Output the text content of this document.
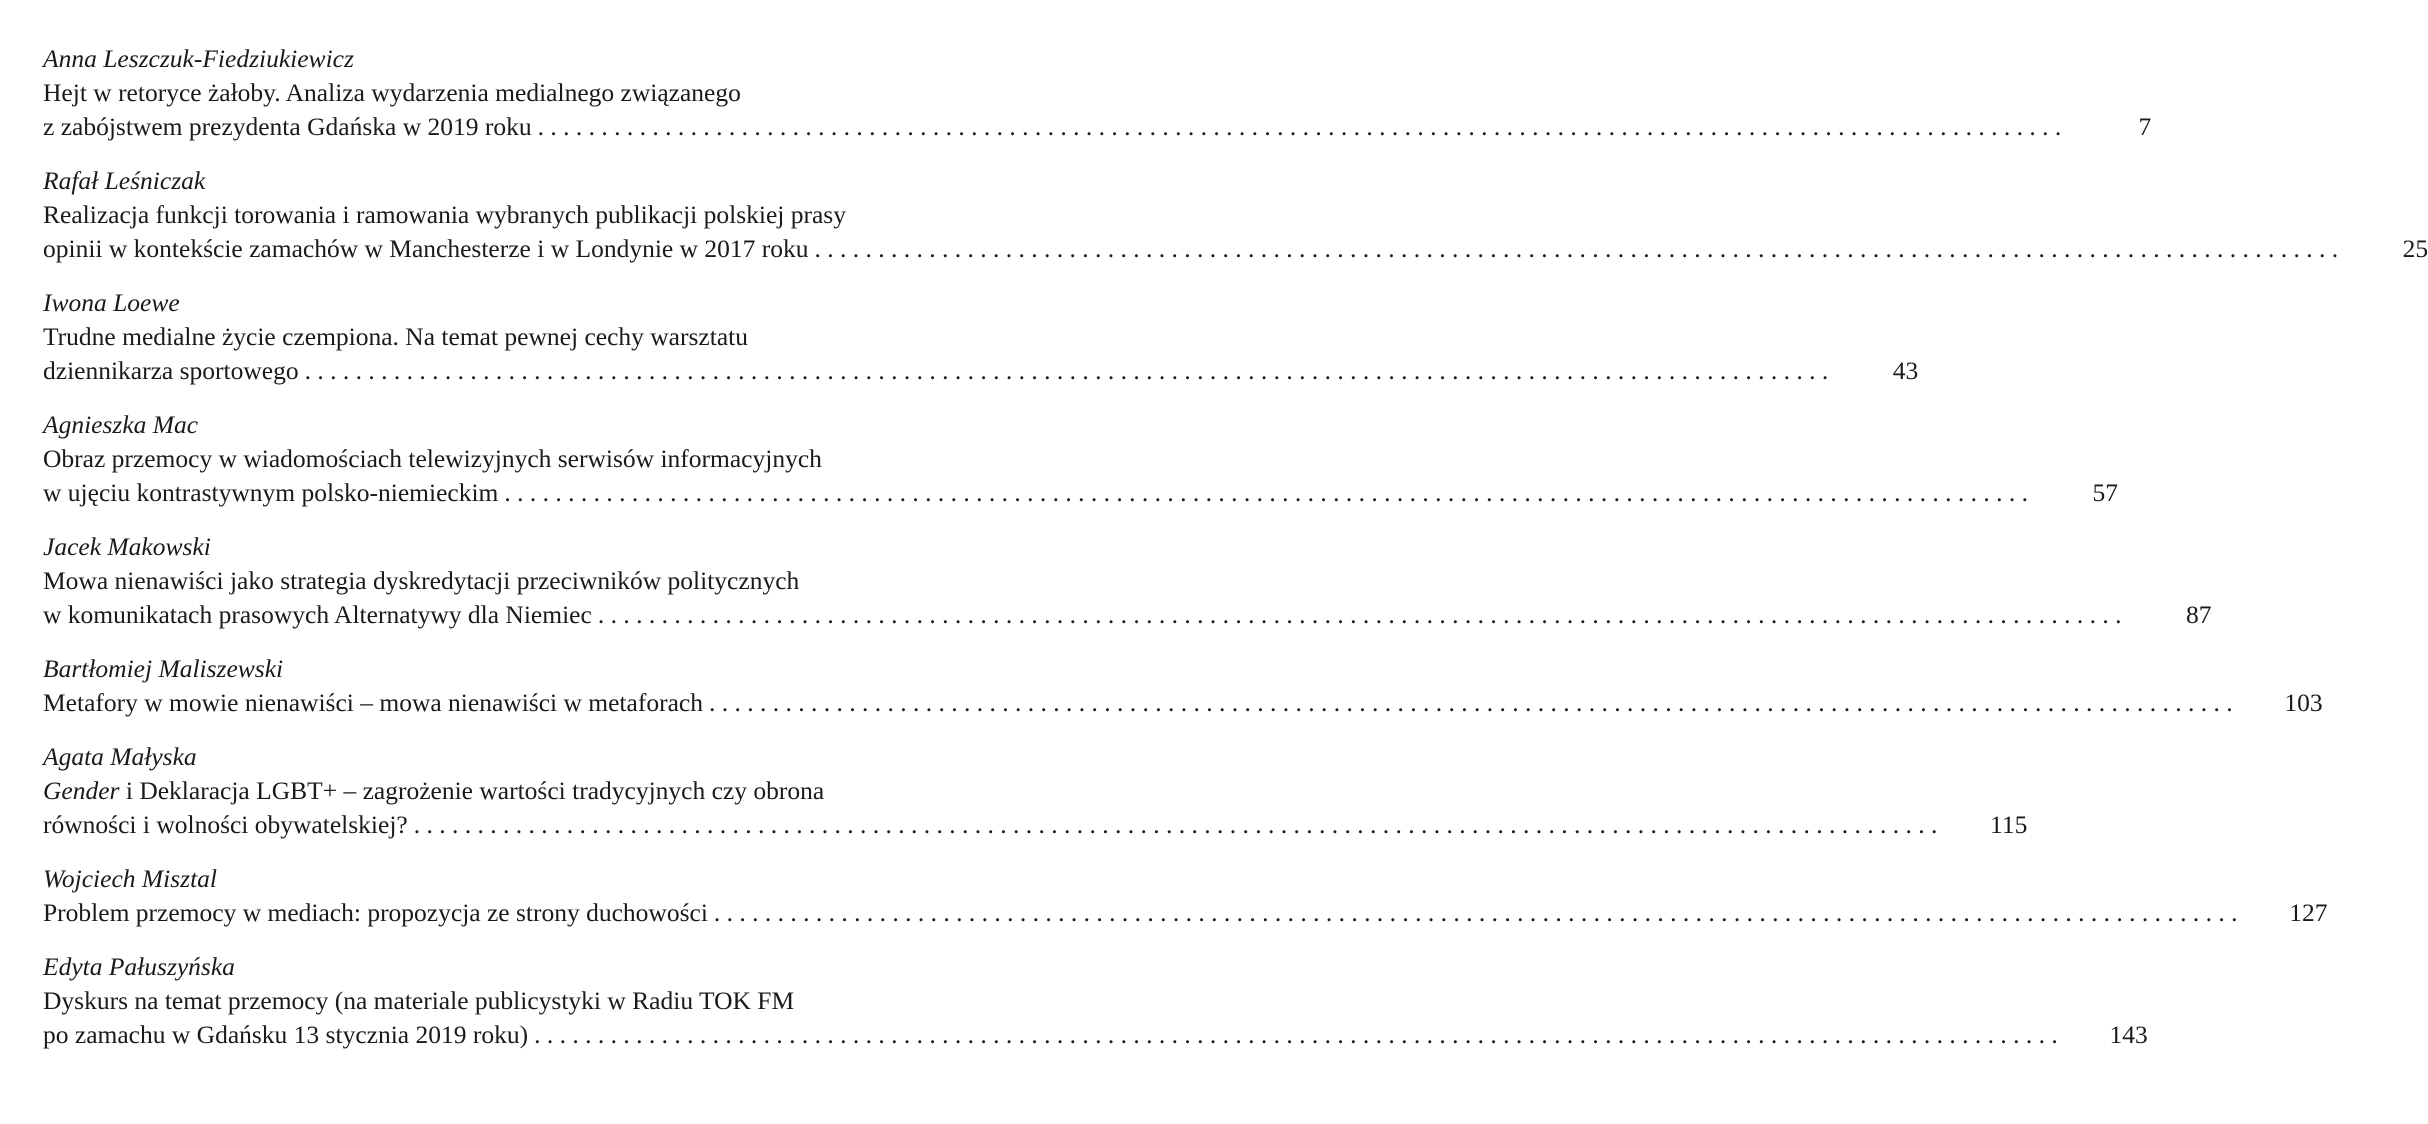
Anna Leszczuk-Fiedziukiewicz
Hejt w retoryce żałoby. Analiza wydarzenia medialnego związanego
z zabójstwem prezydenta Gdańska w 2019 roku . . . . . . . . . . . . . . . . . . . . . . . . . . . . . . . . . . . . . . . . . . . . . . . . . . . . . . . . . . . . . . . . . . . . . . . . . . . . . . . . . . . . . . . . . . . . . . . . . . . . . . . . . . . . . . . . . . . . . . . .	7
Rafał Leśniczak
Realizacja funkcji torowania i ramowania wybranych publikacji polskiej prasy
opinii w kontekście zamachów w Manchesterze i w Londynie w 2017 roku . . . . . . . . . . . . . . . . . . . . . . . . . . . . . . . . . . . . . . . . . . . . . . . . . . . . . . . . . . . . . . . . . . . . . . . . . . . . . . . . . . . . . . . . . . . . . . . . . . . . . . . . . . . . . . . . . . . . . . . .	25
Iwona Loewe
Trudne medialne życie czempiona. Na temat pewnej cechy warsztatu
dziennikarza sportowego . . . . . . . . . . . . . . . . . . . . . . . . . . . . . . . . . . . . . . . . . . . . . . . . . . . . . . . . . . . . . . . . . . . . . . . . . . . . . . . . . . . . . . . . . . . . . . . . . . . . . . . . . . . . . . . . . . . . . . . .	43
Agnieszka Mac
Obraz przemocy w wiadomościach telewizyjnych serwisów informacyjnych
w ujęciu kontrastywnym polsko-niemieckim . . . . . . . . . . . . . . . . . . . . . . . . . . . . . . . . . . . . . . . . . . . . . . . . . . . . . . . . . . . . . . . . . . . . . . . . . . . . . . . . . . . . . . . . . . . . . . . . . . . . . . . . . . . . . . . . . . . . . . . .	57
Jacek Makowski
Mowa nienawiści jako strategia dyskredytacji przeciwników politycznych
w komunikatach prasowych Alternatywy dla Niemiec . . . . . . . . . . . . . . . . . . . . . . . . . . . . . . . . . . . . . . . . . . . . . . . . . . . . . . . . . . . . . . . . . . . . . . . . . . . . . . . . . . . . . . . . . . . . . . . . . . . . . . . . . . . . . . . . . . . . . . . .	87
Bartłomiej Maliszewski
Metafory w mowie nienawiści – mowa nienawiści w metaforach . . . . . . . . . . . . . . . . . . . . . . . . . . . . . . . . . . . . . . . . . . . . . . . . . . . . . . . . . . . . . . . . . . . . . . . . . . . . . . . . . . . . . . . . . . . . . . . . . . . . . . . . . . . . . . . . . . . . . . . .	103
Agata Małyska
Gender i Deklaracja LGBT+ – zagrożenie wartości tradycyjnych czy obrona
równości i wolności obywatelskiej? . . . . . . . . . . . . . . . . . . . . . . . . . . . . . . . . . . . . . . . . . . . . . . . . . . . . . . . . . . . . . . . . . . . . . . . . . . . . . . . . . . . . . . . . . . . . . . . . . . . . . . . . . . . . . . . . . . . . . . . .	115
Wojciech Misztal
Problem przemocy w mediach: propozycja ze strony duchowości . . . . . . . . . . . . . . . . . . . . . . . . . . . . . . . . . . . . . . . . . . . . . . . . . . . . . . . . . . . . . . . . . . . . . . . . . . . . . . . . . . . . . . . . . . . . . . . . . . . . . . . . . . . . . . . . . . . . . . . .	127
Edyta Pałuszyńska
Dyskurs na temat przemocy (na materiale publicystyki w Radiu TOK FM
po zamachu w Gdańsku 13 stycznia 2019 roku) . . . . . . . . . . . . . . . . . . . . . . . . . . . . . . . . . . . . . . . . . . . . . . . . . . . . . . . . . . . . . . . . . . . . . . . . . . . . . . . . . . . . . . . . . . . . . . . . . . . . . . . . . . . . . . . . . . . . . . . .	143
